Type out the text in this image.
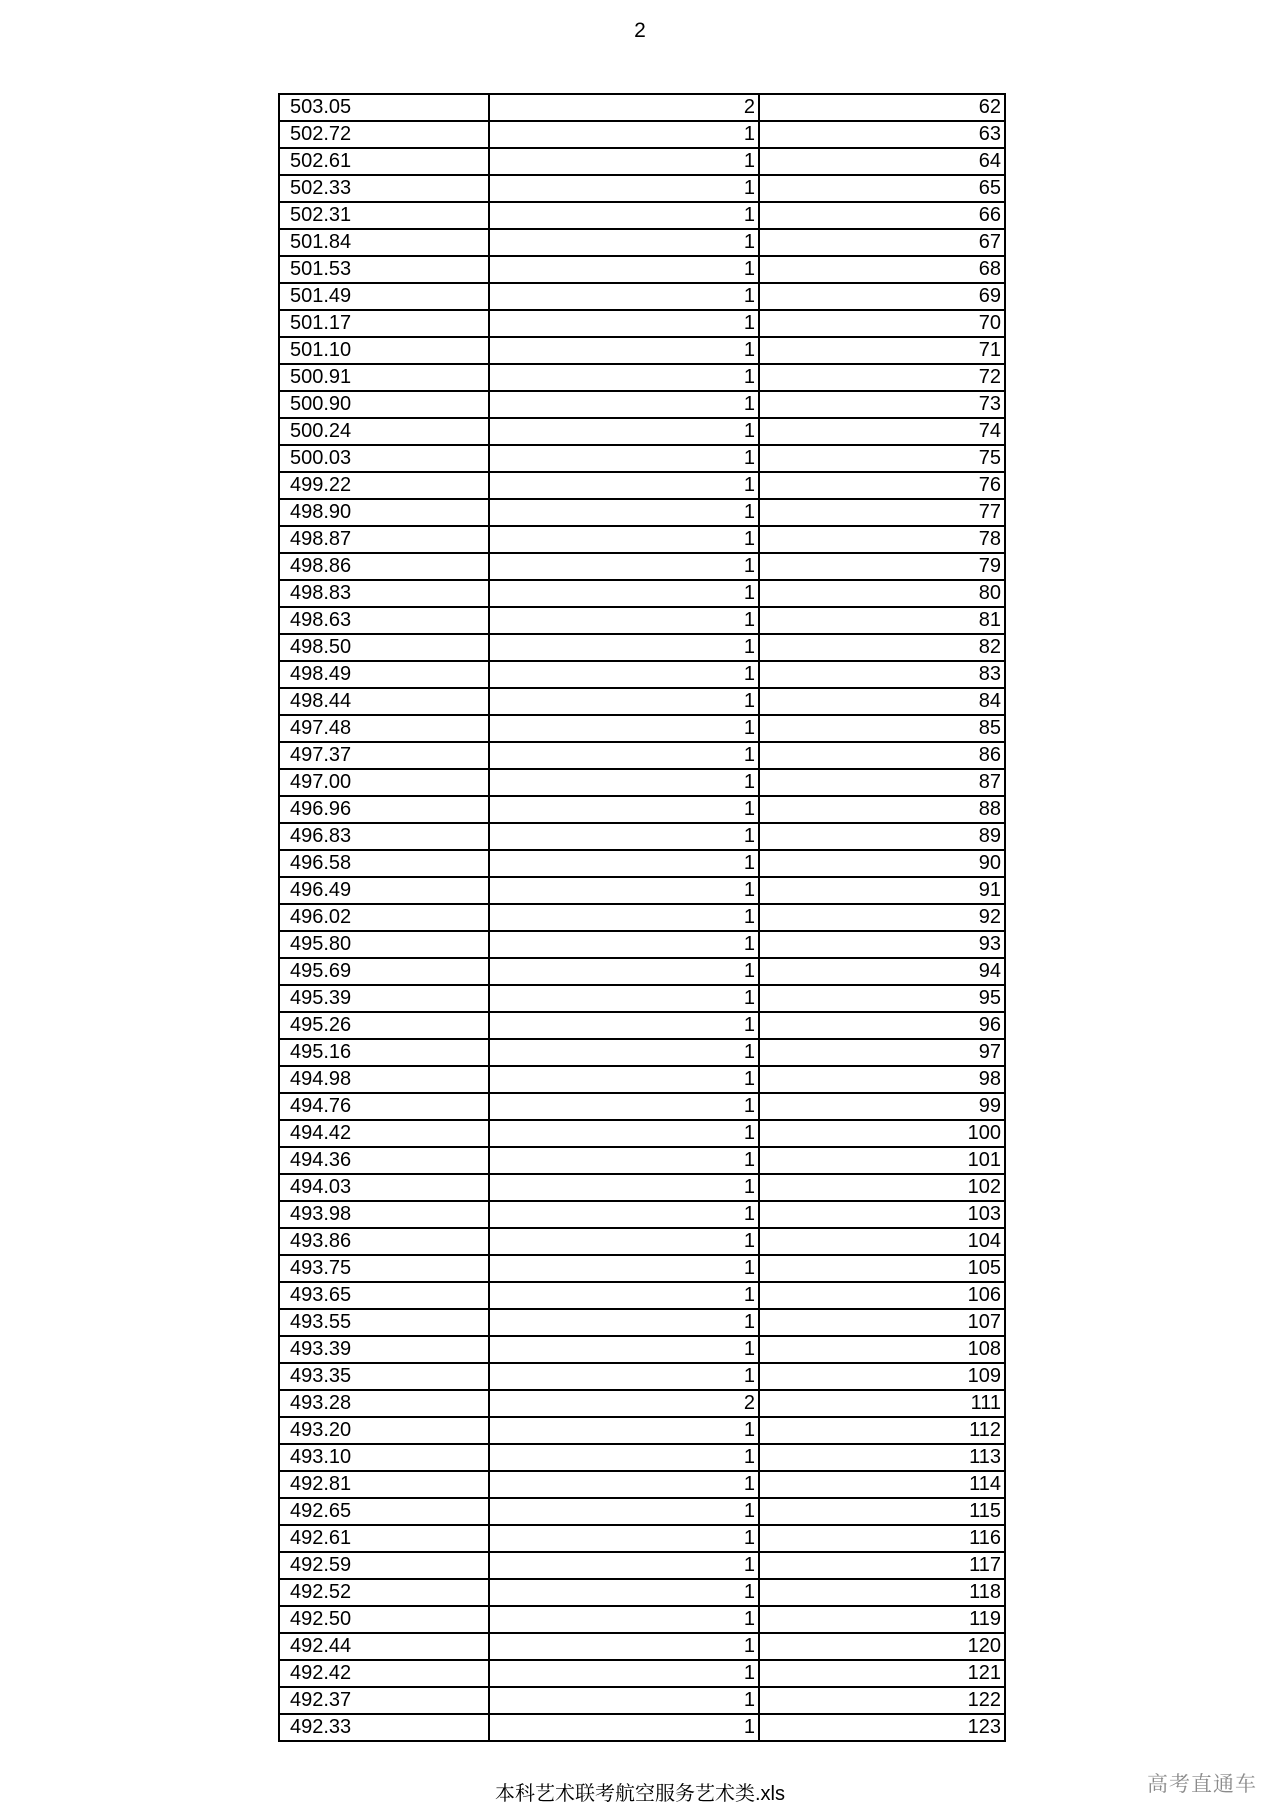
2
503.05	2	62
502.72	1	63
502.61	1	64
502.33	1	65
502.31	1	66
501.84	1	67
501.53	1	68
501.49	1	69
501.17	1	70
501.10	1	71
500.91	1	72
500.90	1	73
500.24	1	74
500.03	1	75
499.22	1	76
498.90	1	77
498.87	1	78
498.86	1	79
498.83	1	80
498.63	1	81
498.50	1	82
498.49	1	83
498.44	1	84
497.48	1	85
497.37	1	86
497.00	1	87
496.96	1	88
496.83	1	89
496.58	1	90
496.49	1	91
496.02	1	92
495.80	1	93
495.69	1	94
495.39	1	95
495.26	1	96
495.16	1	97
494.98	1	98
494.76	1	99
494.42	1	100
494.36	1	101
494.03	1	102
493.98	1	103
493.86	1	104
493.75	1	105
493.65	1	106
493.55	1	107
493.39	1	108
493.35	1	109
493.28	2	111
493.20	1	112
493.10	1	113
492.81	1	114
492.65	1	115
492.61	1	116
492.59	1	117
492.52	1	118
492.50	1	119
492.44	1	120
492.42	1	121
492.37	1	122
492.33	1	123
本科艺术联考航空服务艺术类.xls	高考直通车
